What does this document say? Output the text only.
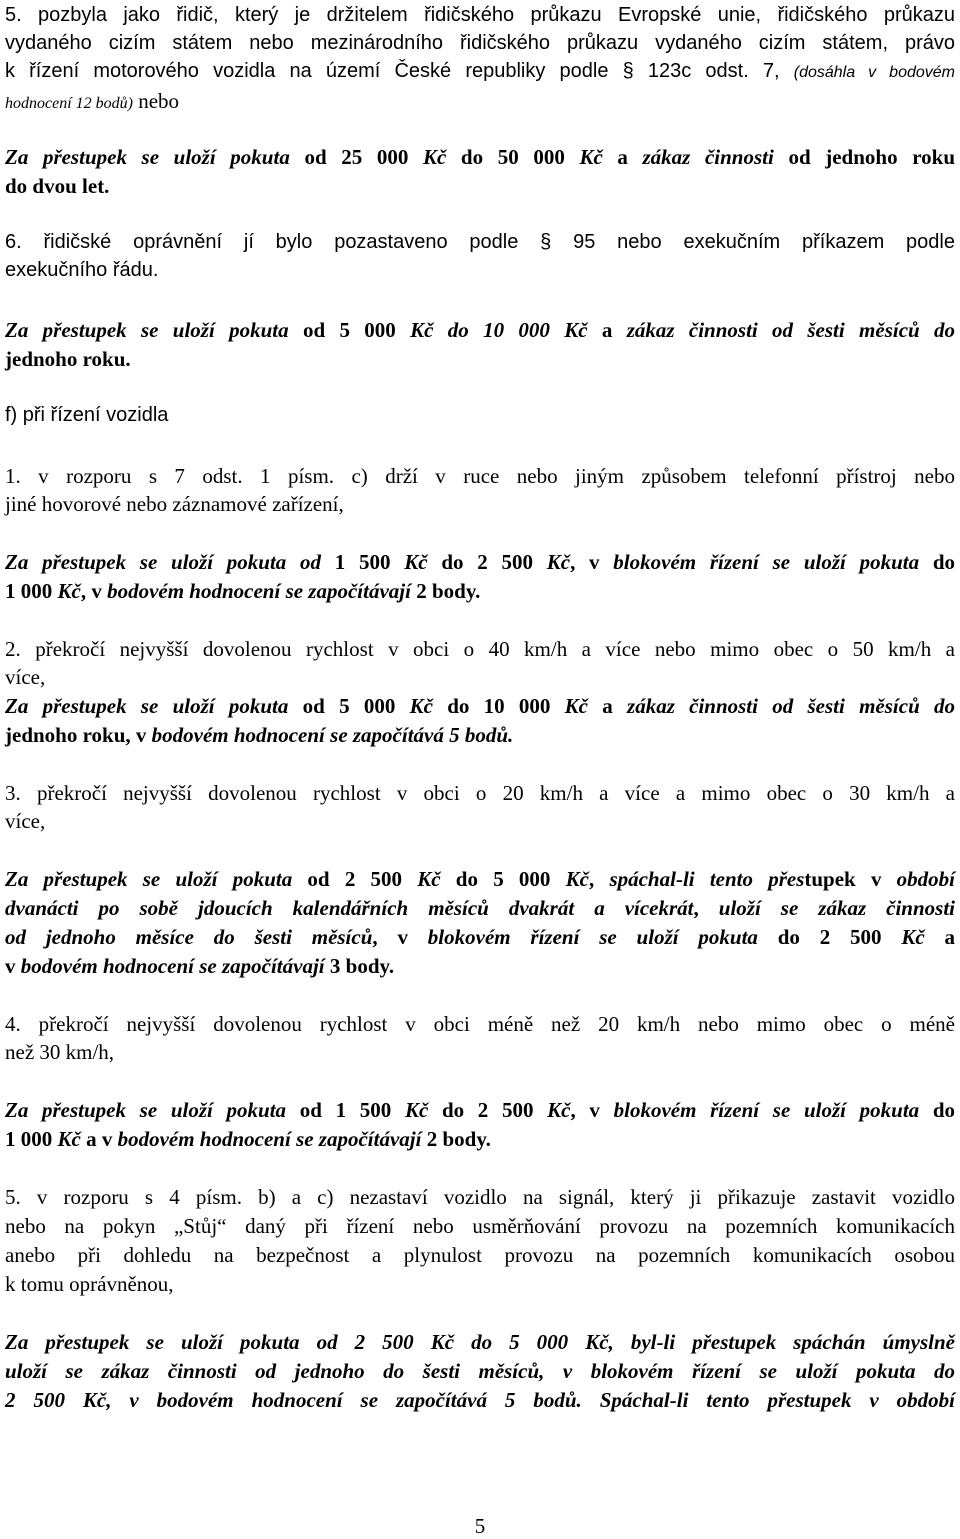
5. pozbyla jako řidič, který je držitelem řidičského průkazu Evropské unie, řidičského průkazu
vydaného cizím státem nebo mezinárodního řidičského průkazu vydaného cizím státem, právo
k řízení motorového vozidla na území České republiky podle § 123c odst. 7, (dosáhla v bodovém
hodnocení 12 bodů) nebo
Za přestupek se uloží pokuta od 25 000 Kč do 50 000 Kč a zákaz činnosti od jednoho roku
do dvou let.
6. řidičské oprávnění jí bylo pozastaveno podle § 95 nebo exekučním příkazem podle
exekučního řádu.
Za přestupek se uloží pokuta od 5 000 Kč do 10 000 Kč a zákaz činnosti od šesti měsíců do
jednoho roku.
f) při řízení vozidla
1. v rozporu s 7 odst. 1 písm. c) drží v ruce nebo jiným způsobem telefonní přístroj nebo
jiné hovorové nebo záznamové zařízení,
Za přestupek se uloží pokuta od 1 500 Kč do 2 500 Kč, v blokovém řízení se uloží pokuta do
1 000 Kč, v bodovém hodnocení se započítávají 2 body.
2. překročí nejvyšší dovolenou rychlost v obci o 40 km/h a více nebo mimo obec o 50 km/h a
více,
Za přestupek se uloží pokuta od 5 000 Kč do 10 000 Kč a zákaz činnosti od šesti měsíců do
jednoho roku, v bodovém hodnocení se započítává 5 bodů.
3. překročí nejvyšší dovolenou rychlost v obci o 20 km/h a více a mimo obec o 30 km/h a
více,
Za přestupek se uloží pokuta od 2 500 Kč do 5 000 Kč, spáchal-li tento přestupek v období
dvanácti po sobě jdoucích kalendářních měsíců dvakrát a vícekrát, uloží se zákaz činnosti
od jednoho měsíce do šesti měsíců, v blokovém řízení se uloží pokuta do 2 500 Kč a
v bodovém hodnocení se započítávají 3 body.
4. překročí nejvyšší dovolenou rychlost v obci méně než 20 km/h nebo mimo obec o méně
než 30 km/h,
Za přestupek se uloží pokuta od 1 500 Kč do 2 500 Kč, v blokovém řízení se uloží pokuta do
1 000 Kč a v bodovém hodnocení se započítávají 2 body.
5. v rozporu s 4 písm. b) a c) nezastaví vozidlo na signál, který ji přikazuje zastavit vozidlo
nebo na pokyn „Stůj“ daný při řízení nebo usměrňování provozu na pozemních komunikacích
anebo při dohledu na bezpečnost a plynulost provozu na pozemních komunikacích osobou
k tomu oprávněnou,
Za přestupek se uloží pokuta od 2 500 Kč do 5 000 Kč, byl-li přestupek spáchán úmyslně
uloží se zákaz činnosti od jednoho do šesti měsíců, v blokovém řízení se uloží pokuta do
2 500 Kč, v bodovém hodnocení se započítává 5 bodů. Spáchal-li tento přestupek v období
5
